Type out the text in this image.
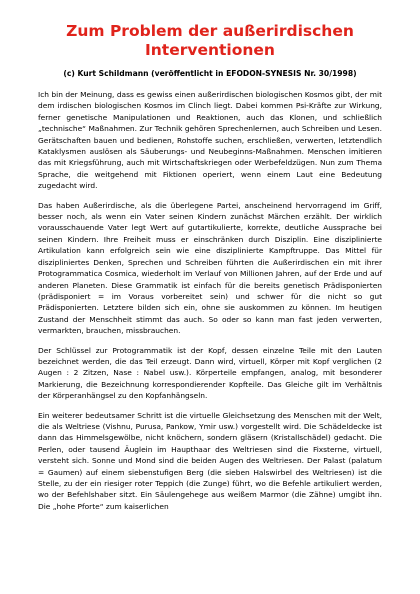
Zum Problem der außerirdischen
Interventionen
(c) Kurt Schildmann (veröffentlicht in EFODON-SYNESIS Nr. 30/1998)

Ich bin der Meinung, dass es gewiss einen außerirdischen biologischen Kosmos gibt, der mit dem irdischen biologischen Kosmos im Clinch liegt. Dabei kommen Psi-Kräfte zur Wirkung, ferner genetische Manipulationen und Reaktionen, auch das Klonen, und schließlich „technische“ Maßnahmen. Zur Technik gehören Sprechenlernen, auch Schreiben und Lesen. Gerätschaften bauen und bedienen, Rohstoffe suchen, erschließen, verwerten, letztendlich Kataklysmen auslösen als Säuberungs- und Neubeginns-Maßnahmen. Menschen imitieren das mit Kriegsführung, auch mit Wirtschaftskriegen oder Werbefeldzügen. Nun zum Thema Sprache, die weitgehend mit Fiktionen operiert, wenn einem Laut eine Bedeutung zugedacht wird.

Das haben Außerirdische, als die überlegene Partei, anscheinend hervorragend im Griff, besser noch, als wenn ein Vater seinen Kindern zunächst Märchen erzählt. Der wirklich vorausschauende Vater legt Wert auf gutartikulierte, korrekte, deutliche Aussprache bei seinen Kindern. Ihre Freiheit muss er einschränken durch Disziplin. Eine disziplinierte Artikulation kann erfolgreich sein wie eine disziplinierte Kampftruppe. Das Mittel für diszipliniertes Denken, Sprechen und Schreiben führten die Außerirdischen ein mit ihrer Protogrammatica Cosmica, wiederholt im Verlauf von Millionen Jahren, auf der Erde und auf anderen Planeten. Diese Grammatik ist einfach für die bereits genetisch Prädisponierten (prädisponiert = im Voraus vorbereitet sein) und schwer für die nicht so gut Prädisponierten. Letztere bilden sich ein, ohne sie auskommen zu können. Im heutigen Zustand der Menschheit stimmt das auch. So oder so kann man fast jeden verwerten, vermarkten, brauchen, missbrauchen.

Der Schlüssel zur Protogrammatik ist der Kopf, dessen einzelne Teile mit den Lauten bezeichnet werden, die das Teil erzeugt. Dann wird, virtuell, Körper mit Kopf verglichen (2 Augen : 2 Zitzen, Nase : Nabel usw.). Körperteile empfangen, analog, mit besonderer Markierung, die Bezeichnung korrespondierender Kopfteile. Das Gleiche gilt im Verhältnis der Körperanhängsel zu den Kopfanhängseln.

Ein weiterer bedeutsamer Schritt ist die virtuelle Gleichsetzung des Menschen mit der Welt, die als Weltriese (Vishnu, Purusa, Pankow, Ymir usw.) vorgestellt wird. Die Schädeldecke ist dann das Himmelsgewölbe, nicht knöchern, sondern gläsern (Kristallschädel) gedacht. Die Perlen, oder tausend Äuglein im Haupthaar des Weltriesen sind die Fixsterne, virtuell, versteht sich. Sonne und Mond sind die beiden Augen des Weltriesen. Der Palast (palatum = Gaumen) auf einem siebenstufigen Berg (die sieben Halswirbel des Weltriesen) ist die Stelle, zu der ein riesiger roter Teppich (die Zunge) führt, wo die Befehle artikuliert werden, wo der Befehlshaber sitzt. Ein Säulengehege aus weißem Marmor (die Zähne) umgibt ihn. Die „hohe Pforte“ zum kaiserlichen
